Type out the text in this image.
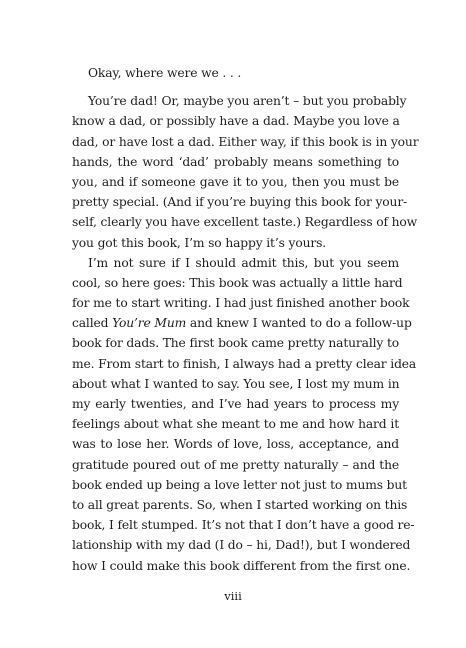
Okay, where were we . . .
You’re dad! Or, maybe you aren’t – but you probably
know a dad, or possibly have a dad. Maybe you love a
dad, or have lost a dad. Either way, if this book is in your
hands, the word ‘dad’ probably means something to
you, and if someone gave it to you, then you must be
pretty special. (And if you’re buying this book for your-
self, clearly you have excellent taste.) Regardless of how
you got this book, I’m so happy it’s yours.
I’m not sure if I should admit this, but you seem
cool, so here goes: This book was actually a little hard
for me to start writing. I had just finished another book
called You’re Mum and knew I wanted to do a follow-up
book for dads. The first book came pretty naturally to
me. From start to finish, I always had a pretty clear idea
about what I wanted to say. You see, I lost my mum in
my early twenties, and I’ve had years to process my
feelings about what she meant to me and how hard it
was to lose her. Words of love, loss, acceptance, and
gratitude poured out of me pretty naturally – and the
book ended up being a love letter not just to mums but
to all great parents. So, when I started working on this
book, I felt stumped. It’s not that I don’t have a good re-
lationship with my dad (I do – hi, Dad!), but I wondered
how I could make this book different from the first one.
viii
